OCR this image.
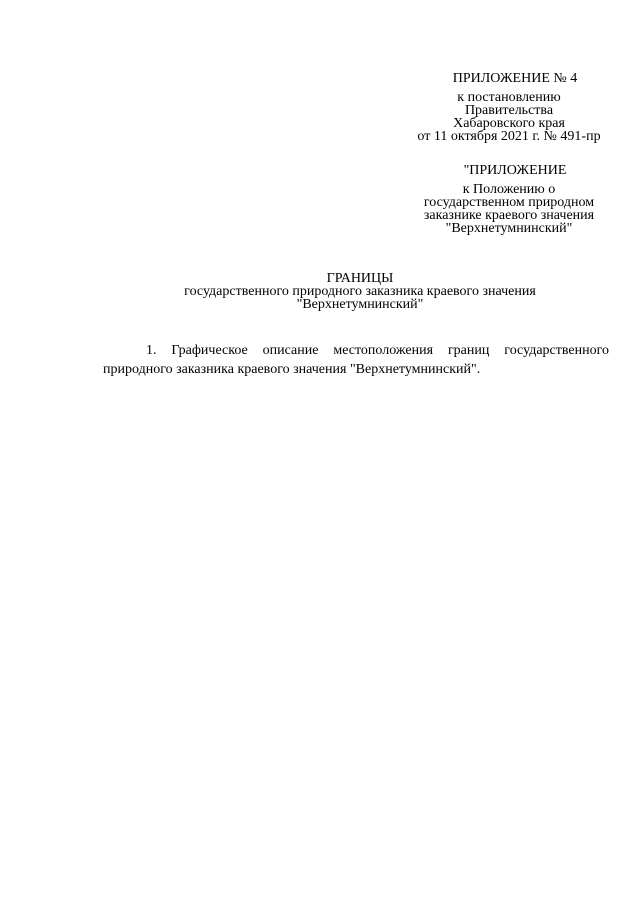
ПРИЛОЖЕНИЕ № 4
к постановлению
Правительства
Хабаровского края
от 11 октября 2021 г. № 491-пр
"ПРИЛОЖЕНИЕ
к Положению о
государственном природном
заказнике краевого значения
"Верхнетумнинский"
ГРАНИЦЫ
государственного природного заказника краевого значения
"Верхнетумнинский"
1. Графическое описание местоположения границ государственного
природного заказника краевого значения "Верхнетумнинский".
